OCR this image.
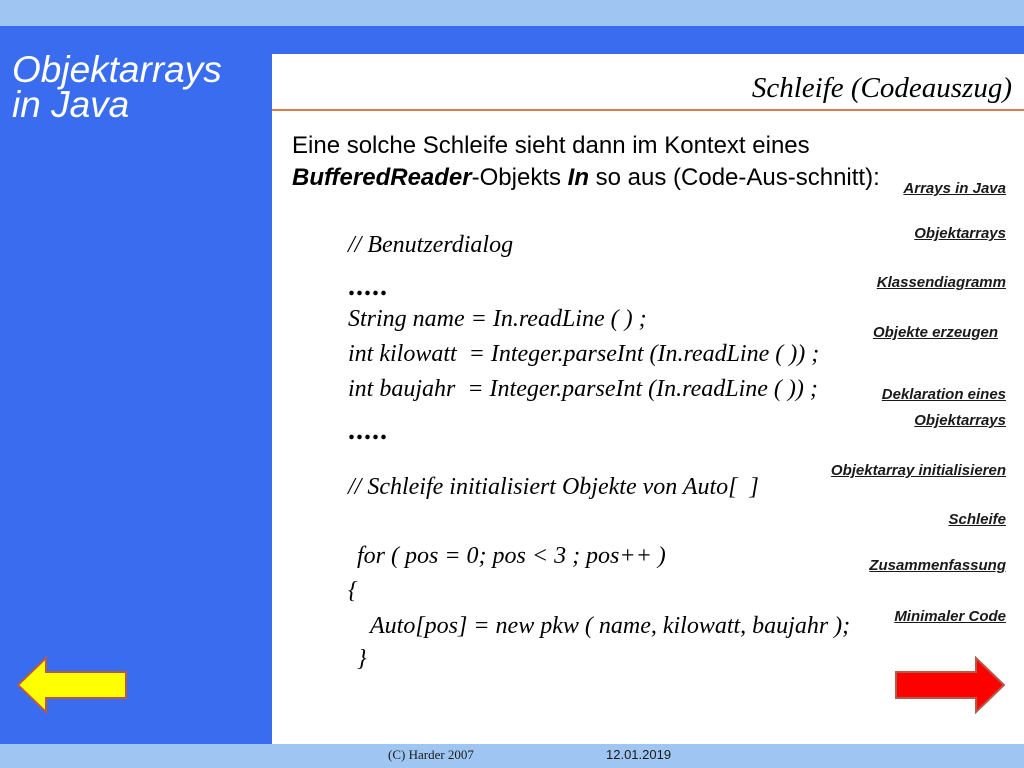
Objektarrays
in Java
Arrays in Java
Objektarrays
Klassendiagramm
Objekte erzeugen
Deklaration eines
Objektarrays
Objektarray initialisieren
Schleife
Zusammenfassung
Minimaler Code
Schleife (Codeauszug)
Eine solche Schleife sieht dann im Kontext eines
BufferedReader-Objekts In so aus (Code-Aus-schnitt):
// Benutzerdialog
.....
String name = In.readLine ( ) ;
int kilowatt  = Integer.parseInt (In.readLine ( )) ;
int baujahr  = Integer.parseInt (In.readLine ( )) ;
.....
// Schleife initialisiert Objekte von Auto[  ]
for ( pos = 0; pos < 3 ; pos++ )
{
Auto[pos] = new pkw ( name, kilowatt, baujahr );
}
(C) Harder 2007	12.01.2019
